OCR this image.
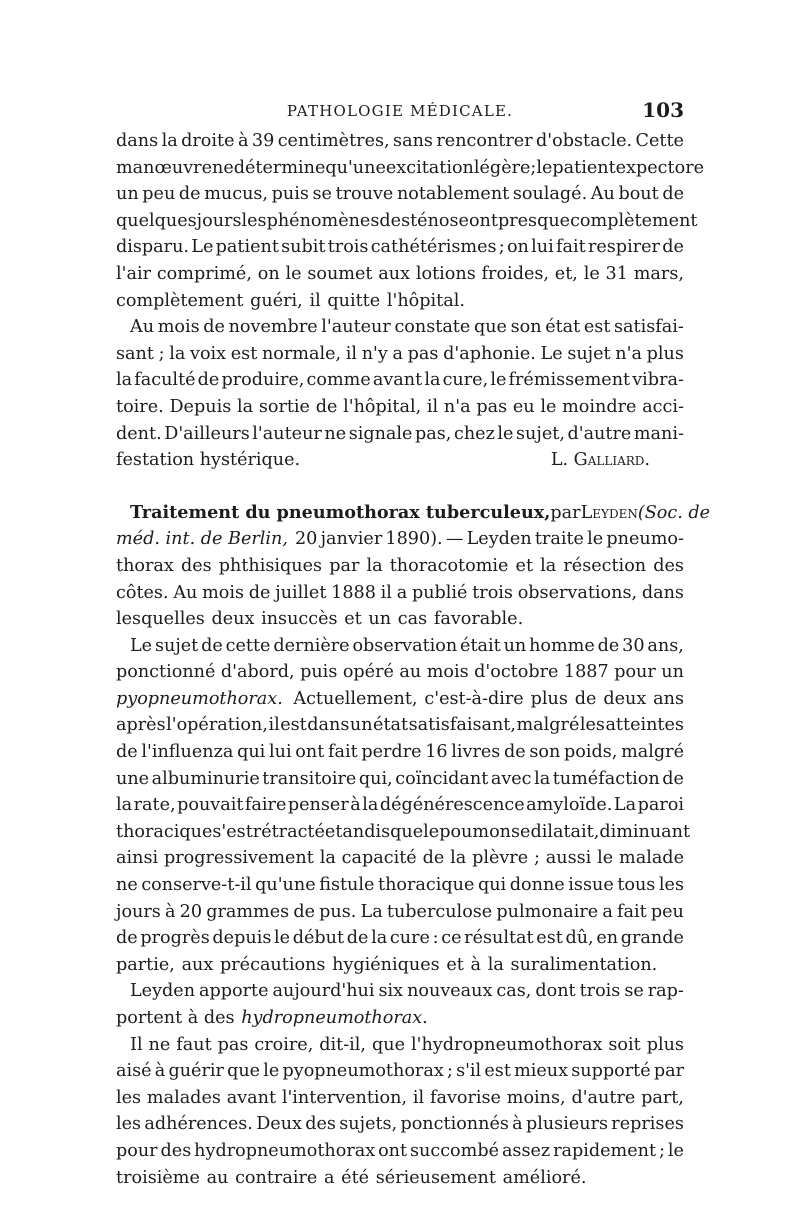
PATHOLOGIE MÉDICALE.	103
dans la droite à 39 centimètres, sans rencontrer d'obstacle. Cette
manœuvre ne détermine qu'une excitation légère; le patient expectore
un peu de mucus, puis se trouve notablement soulagé. Au bout de
quelques jours les phénomènes de sténose ont presque complètement
disparu. Le patient subit trois cathétérismes ; on lui fait respirer de
l'air comprimé, on le soumet aux lotions froides, et, le 31 mars,
complètement guéri, il quitte l'hôpital.
Au mois de novembre l'auteur constate que son état est satisfai-
sant ; la voix est normale, il n'y a pas d'aphonie. Le sujet n'a plus
la faculté de produire, comme avant la cure, le frémissement vibra-
toire. Depuis la sortie de l'hôpital, il n'a pas eu le moindre acci-
dent. D'ailleurs l'auteur ne signale pas, chez le sujet, d'autre mani-
festation hystérique.	L. Galliard.
Traitement du pneumothorax tuberculeux, par Leyden (Soc. de
méd. int. de Berlin, 20 janvier 1890). — Leyden traite le pneumo-
thorax des phthisiques par la thoracotomie et la résection des
côtes. Au mois de juillet 1888 il a publié trois observations, dans
lesquelles deux insuccès et un cas favorable.
Le sujet de cette dernière observation était un homme de 30 ans,
ponctionné d'abord, puis opéré au mois d'octobre 1887 pour un
pyopneumothorax. Actuellement, c'est-à-dire plus de deux ans
après l'opération, il est dans un état satisfaisant, malgré les atteintes
de l'influenza qui lui ont fait perdre 16 livres de son poids, malgré
une albuminurie transitoire qui, coïncidant avec la tuméfaction de
la rate, pouvait faire penser à la dégénérescence amyloïde. La paroi
thoracique s'est rétractée tandis que le poumon se dilatait, diminuant
ainsi progressivement la capacité de la plèvre ; aussi le malade
ne conserve-t-il qu'une fistule thoracique qui donne issue tous les
jours à 20 grammes de pus. La tuberculose pulmonaire a fait peu
de progrès depuis le début de la cure : ce résultat est dû, en grande
partie, aux précautions hygiéniques et à la suralimentation.
Leyden apporte aujourd'hui six nouveaux cas, dont trois se rap-
portent à des hydropneumothorax.
Il ne faut pas croire, dit-il, que l'hydropneumothorax soit plus
aisé à guérir que le pyopneumothorax ; s'il est mieux supporté par
les malades avant l'intervention, il favorise moins, d'autre part,
les adhérences. Deux des sujets, ponctionnés à plusieurs reprises
pour des hydropneumothorax ont succombé assez rapidement ; le
troisième au contraire a été sérieusement amélioré.
